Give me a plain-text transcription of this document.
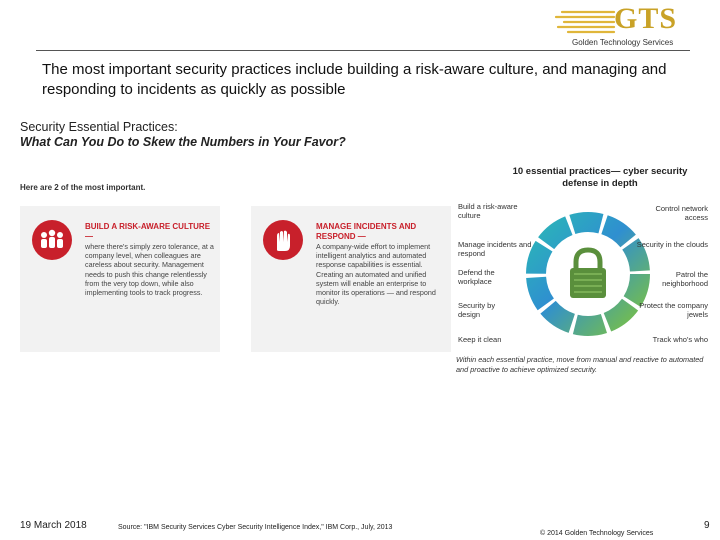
GTS
Golden Technology Services
The most important security practices include building a risk-aware culture, and managing and responding to incidents as quickly as possible
Security Essential Practices:
What Can You Do to Skew the Numbers in Your Favor?
Here are 2 of the most important.
BUILD A RISK-AWARE CULTURE —
where there's simply zero tolerance, at a company level, when colleagues are careless about security. Management needs to push this change relentlessly from the very top down, while also implementing tools to track progress.
MANAGE INCIDENTS AND RESPOND —
A company-wide effort to implement intelligent analytics and automated response capabilities is essential. Creating an automated and unified system will enable an enterprise to monitor its operations — and respond quickly.
10 essential practices— cyber security defense in depth
Build a risk-aware culture
Manage incidents and respond
Defend the workplace
Security by design
Keep it clean
Control network access
Security in the clouds
Patrol the neighborhood
Protect the company jewels
Track who's who
Within each essential practice, move from manual and reactive to automated and proactive to achieve optimized security.
19 March 2018	Source: "IBM Security Services Cyber Security Intelligence Index," IBM Corp., July, 2013
© 2014 Golden Technology Services
9
